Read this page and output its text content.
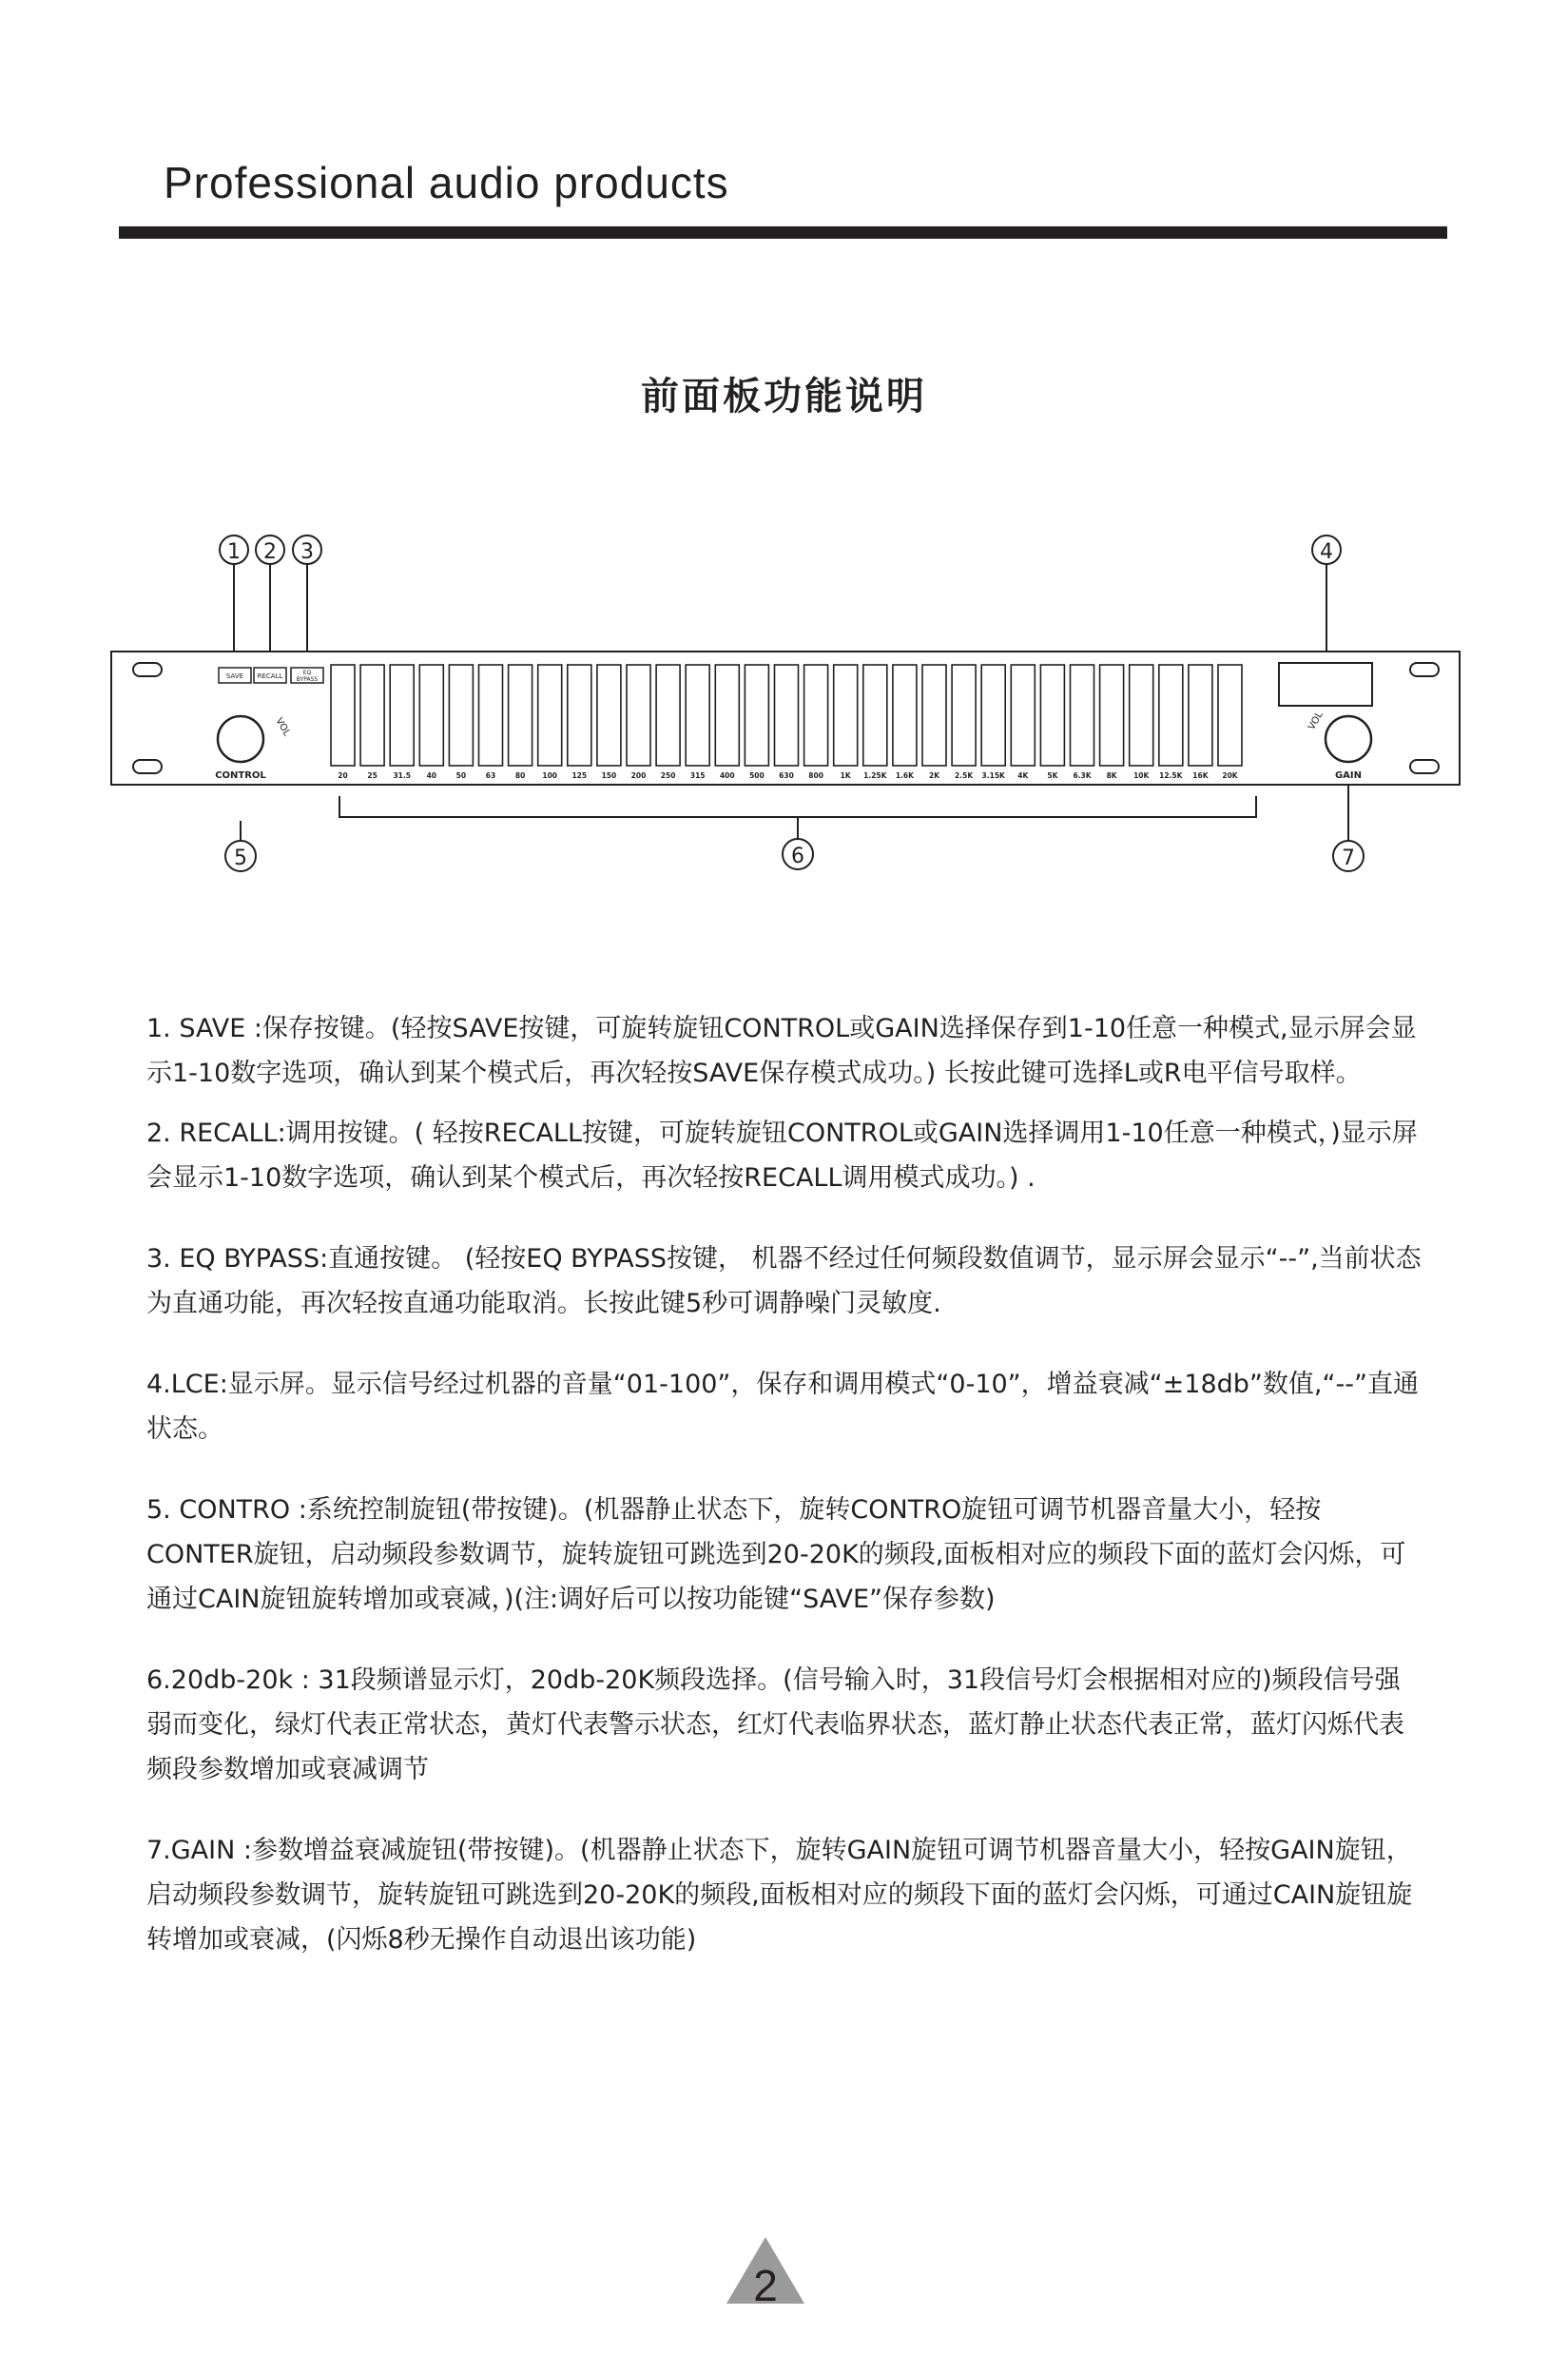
Professional audio products
前面板功能说明
1 2 3	4
5	6	7
SAVE RECALL	EQ
BYPASS
VOL
CONTROL
VOL
GAIN
20	25 31.5 40	50	63	80 100 125 150 200 250 315 400 500 630 800 1K 1.25K 1.6K 2K 2.5K 3.15K 4K	5K 6.3K 8K 10K 12.5K 16K 20K

1. SAVE :保存按键。(轻按SAVE按键，可旋转旋钮CONTROL或GAIN选择保存到1-10任意一种模式,显示屏会显示1-10数字选项，确认到某个模式后，再次轻按SAVE保存模式成功。) 长按此键可选择L或R电平信号取样。

2. RECALL:调用按键。( 轻按RECALL按键，可旋转旋钮CONTROL或GAIN选择调用1-10任意一种模式，)显示屏会显示1-10数字选项，确认到某个模式后，再次轻按RECALL调用模式成功。) .

3. EQ BYPASS:直通按键。 (轻按EQ BYPASS按键， 机器不经过任何频段数值调节，显示屏会显示“--”,当前状态为直通功能，再次轻按直通功能取消。长按此键5秒可调静噪门灵敏度.

4.LCE:显示屏。显示信号经过机器的音量“01-100”，保存和调用模式“0-10”，增益衰减“±18db”数值,“--”直通状态。

5. CONTRO :系统控制旋钮(带按键)。(机器静止状态下，旋转CONTRO旋钮可调节机器音量大小，轻按CONTER旋钮，启动频段参数调节，旋转旋钮可跳选到20-20K的频段,面板相对应的频段下面的蓝灯会闪烁，可通过CAIN旋钮旋转增加或衰减，)(注:调好后可以按功能键“SAVE”保存参数)

6.20db-20k : 31段频谱显示灯，20db-20K频段选择。(信号输入时，31段信号灯会根据相对应的)频段信号强弱而变化，绿灯代表正常状态，黄灯代表警示状态，红灯代表临界状态，蓝灯静止状态代表正常，蓝灯闪烁代表频段参数增加或衰减调节

7.GAIN :参数增益衰减旋钮(带按键)。(机器静止状态下，旋转GAIN旋钮可调节机器音量大小，轻按GAIN旋钮，启动频段参数调节，旋转旋钮可跳选到20-20K的频段,面板相对应的频段下面的蓝灯会闪烁，可通过CAIN旋钮旋转增加或衰减，(闪烁8秒无操作自动退出该功能)

2
